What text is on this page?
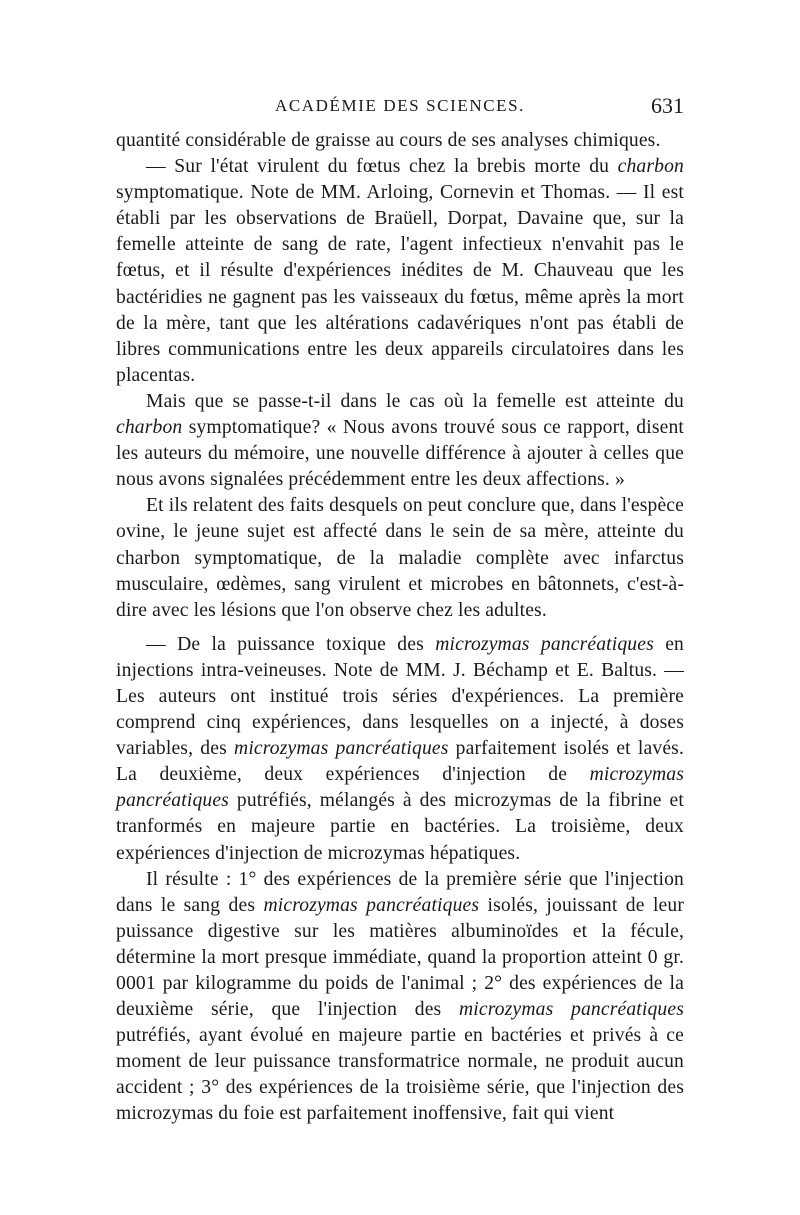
ACADÉMIE DES SCIENCES.	631

quantité considérable de graisse au cours de ses analyses chimiques.

— Sur l'état virulent du fœtus chez la brebis morte du charbon symptomatique. Note de MM. Arloing, Cornevin et Thomas. — Il est établi par les observations de Braüell, Dorpat, Davaine que, sur la femelle atteinte de sang de rate, l'agent infectieux n'envahit pas le fœtus, et il résulte d'expériences inédites de M. Chauveau que les bactéridies ne gagnent pas les vaisseaux du fœtus, même après la mort de la mère, tant que les altérations cadavériques n'ont pas établi de libres communications entre les deux appareils circulatoires dans les placentas.

Mais que se passe-t-il dans le cas où la femelle est atteinte du charbon symptomatique? « Nous avons trouvé sous ce rapport, disent les auteurs du mémoire, une nouvelle différence à ajouter à celles que nous avons signalées précédemment entre les deux affections. »

Et ils relatent des faits desquels on peut conclure que, dans l'espèce ovine, le jeune sujet est affecté dans le sein de sa mère, atteinte du charbon symptomatique, de la maladie complète avec infarctus musculaire, œdèmes, sang virulent et microbes en bâtonnets, c'est-à-dire avec les lésions que l'on observe chez les adultes.

— De la puissance toxique des microzymas pancréatiques en injections intra-veineuses. Note de MM. J. Béchamp et E. Baltus. — Les auteurs ont institué trois séries d'expériences. La première comprend cinq expériences, dans lesquelles on a injecté, à doses variables, des microzymas pancréatiques parfaitement isolés et lavés. La deuxième, deux expériences d'injection de microzymas pancréatiques putréfiés, mélangés à des microzymas de la fibrine et tranformés en majeure partie en bactéries. La troisième, deux expériences d'injection de microzymas hépatiques.

Il résulte : 1° des expériences de la première série que l'injection dans le sang des microzymas pancréatiques isolés, jouissant de leur puissance digestive sur les matières albuminoïdes et la fécule, détermine la mort presque immédiate, quand la proportion atteint 0 gr. 0001 par kilogramme du poids de l'animal ; 2° des expériences de la deuxième série, que l'injection des microzymas pancréatiques putréfiés, ayant évolué en majeure partie en bactéries et privés à ce moment de leur puissance transformatrice normale, ne produit aucun accident ; 3° des expériences de la troisième série, que l'injection des microzymas du foie est parfaitement inoffensive, fait qui vient
